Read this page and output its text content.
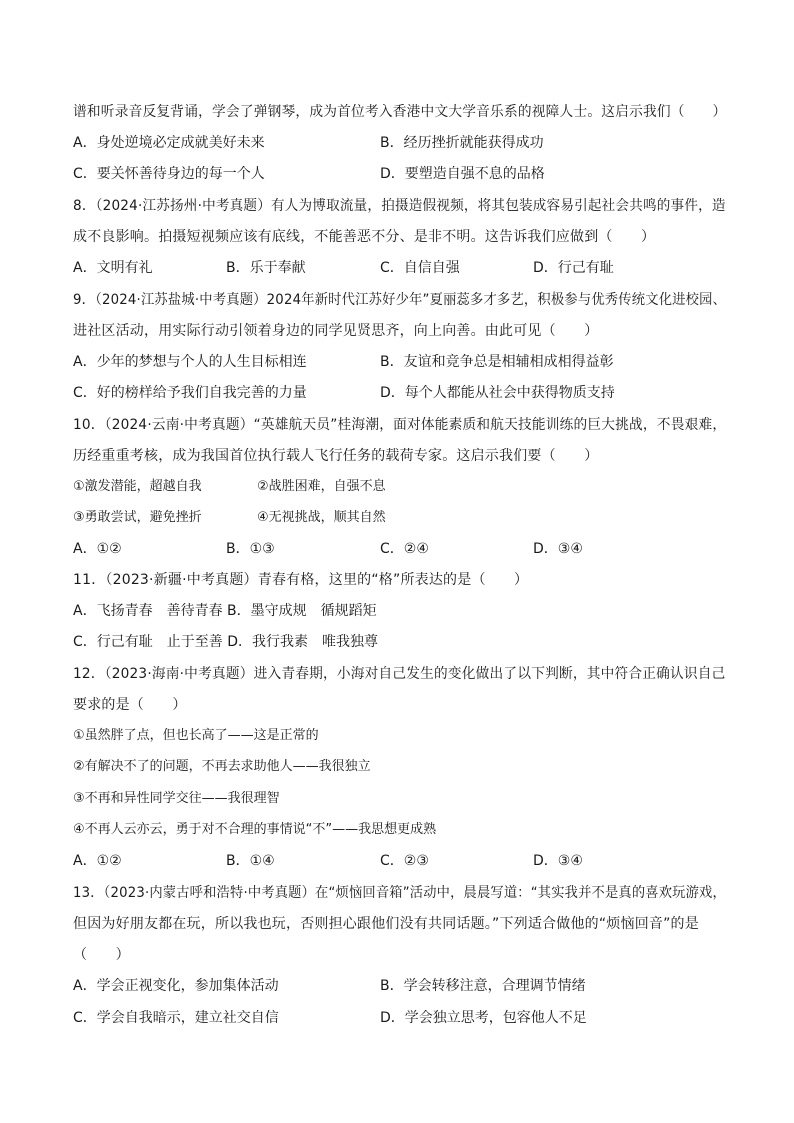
谱和听录音反复背诵，学会了弹钢琴，成为首位考入香港中文大学音乐系的视障人士。这启示我们（　　）
A．身处逆境必定成就美好未来	B．经历挫折就能获得成功
C．要关怀善待身边的每一个人	D．要塑造自强不息的品格
8．（2024·江苏扬州·中考真题）有人为博取流量，拍摄造假视频，将其包装成容易引起社会共鸣的事件，造
成不良影响。拍摄短视频应该有底线，不能善恶不分、是非不明。这告诉我们应做到（　　）
A．文明有礼	B．乐于奉献	C．自信自强	D．行己有耻
9．（2024·江苏盐城·中考真题）2024年新时代江苏好少年”夏丽蕊多才多艺，积极参与优秀传统文化进校园、
进社区活动，用实际行动引领着身边的同学见贤思齐，向上向善。由此可见（　　）
A．少年的梦想与个人的人生目标相连	B．友谊和竞争总是相辅相成相得益彰
C．好的榜样给予我们自我完善的力量	D．每个人都能从社会中获得物质支持
10．（2024·云南·中考真题）“英雄航天员”桂海潮，面对体能素质和航天技能训练的巨大挑战，不畏艰难，
历经重重考核，成为我国首位执行载人飞行任务的载荷专家。这启示我们要（　　）
①激发潜能，超越自我	②战胜困难，自强不息
③勇敢尝试，避免挫折	④无视挑战，顺其自然
A．①②	B．①③	C．②④	D．③④
11．（2023·新疆·中考真题）青春有格，这里的“格”所表达的是（　　）
A．飞扬青春　善待青春 B．墨守成规　循规蹈矩
C．行己有耻　止于至善 D．我行我素　唯我独尊
12．（2023·海南·中考真题）进入青春期，小海对自己发生的变化做出了以下判断，其中符合正确认识自己
要求的是（　　）
①虽然胖了点，但也长高了——这是正常的
②有解决不了的问题，不再去求助他人——我很独立
③不再和异性同学交往——我很理智
④不再人云亦云，勇于对不合理的事情说“不”——我思想更成熟
A．①②	B．①④	C．②③	D．③④
13．（2023·内蒙古呼和浩特·中考真题）在“烦恼回音箱”活动中，晨晨写道：“其实我并不是真的喜欢玩游戏，
但因为好朋友都在玩，所以我也玩，否则担心跟他们没有共同话题。”下列适合做他的“烦恼回音”的是
（　　）
A．学会正视变化，参加集体活动	B．学会转移注意，合理调节情绪
C．学会自我暗示，建立社交自信	D．学会独立思考，包容他人不足
